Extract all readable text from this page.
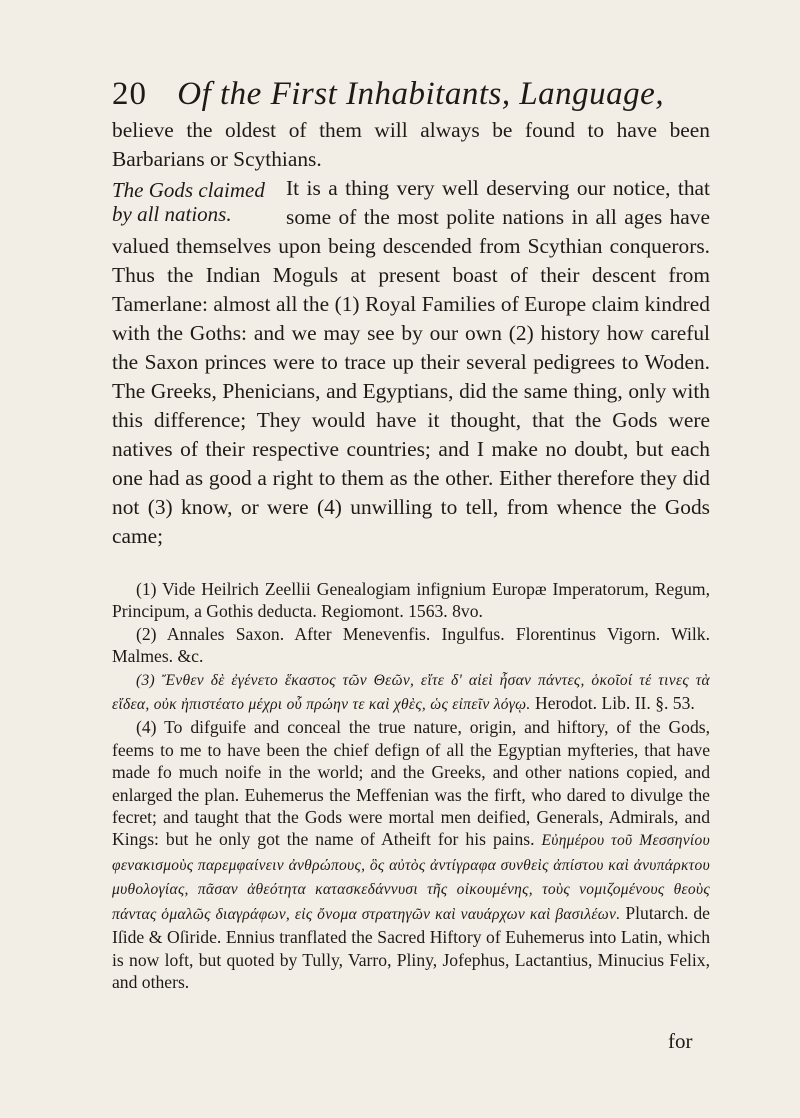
20 Of the First Inhabitants, Language,

believe the oldest of them will always be found to have been Barbarians or Scythians.

The Gods claimed by all nations.
It is a thing very well deserving our notice, that some of the most polite nations in all ages have valued themselves upon being descended from Scythian conquerors. Thus the Indian Moguls at present boast of their descent from Tamerlane: almost all the (1) Royal Families of Europe claim kindred with the Goths: and we may see by our own (2) history how careful the Saxon princes were to trace up their several pedigrees to Woden. The Greeks, Phenicians, and Egyptians, did the same thing, only with this difference; They would have it thought, that the Gods were natives of their respective countries; and I make no doubt, but each one had as good a right to them as the other. Either therefore they did not (3) know, or were (4) unwilling to tell, from whence the Gods came;

(1) Vide Heilrich Zeellii Genealogiam infignium Europæ Imperatorum, Regum, Principum, a Gothis deducta. Regiomont. 1563. 8vo.

(2) Annales Saxon. After Menevenfis. Ingulfus. Florentinus Vigorn. Wilk. Malmes. &c.

(3) Ἔνθεν δὲ ἐγένετο ἕκαστος τῶν Θεῶν, εἴτε δ' αἰεὶ ἦσαν πάντες, ὁκοῖοί τέ τινες τὰ εἴδεα, οὐκ ἠπιστέατο μέχρι οὗ πρώην τε καὶ χθὲς, ὡς εἰπεῖν λόγῳ. Herodot. Lib. II. §. 53.

(4) To difguife and conceal the true nature, origin, and hiftory, of the Gods, feems to me to have been the chief defign of all the Egyptian myfteries, that have made fo much noife in the world; and the Greeks, and other nations copied, and enlarged the plan. Euhemerus the Meffenian was the firft, who dared to divulge the fecret; and taught that the Gods were mortal men deified, Generals, Admirals, and Kings: but he only got the name of Atheift for his pains. Εὐημέρου τοῦ Μεσσηνίου φενακισμοὺς παρεμφαίνειν ἀνθρώπους, ὃς αὐτὸς ἀντίγραφα συνθεὶς ἀπίστου καὶ ἀνυπάρκτου μυθολογίας, πᾶσαν ἀθεότητα κατασκεδάννυσι τῆς οἰκουμένης, τοὺς νομιζομένους θεοὺς πάντας ὁμαλῶς διαγράφων, εἰς ὄνομα στρατηγῶν καὶ ναυάρχων καὶ βασιλέων. Plutarch. de Iſide & Oſiride. Ennius tranflated the Sacred Hiftory of Euhemerus into Latin, which is now loft, but quoted by Tully, Varro, Pliny, Jofephus, Lactantius, Minucius Felix, and others.

for
